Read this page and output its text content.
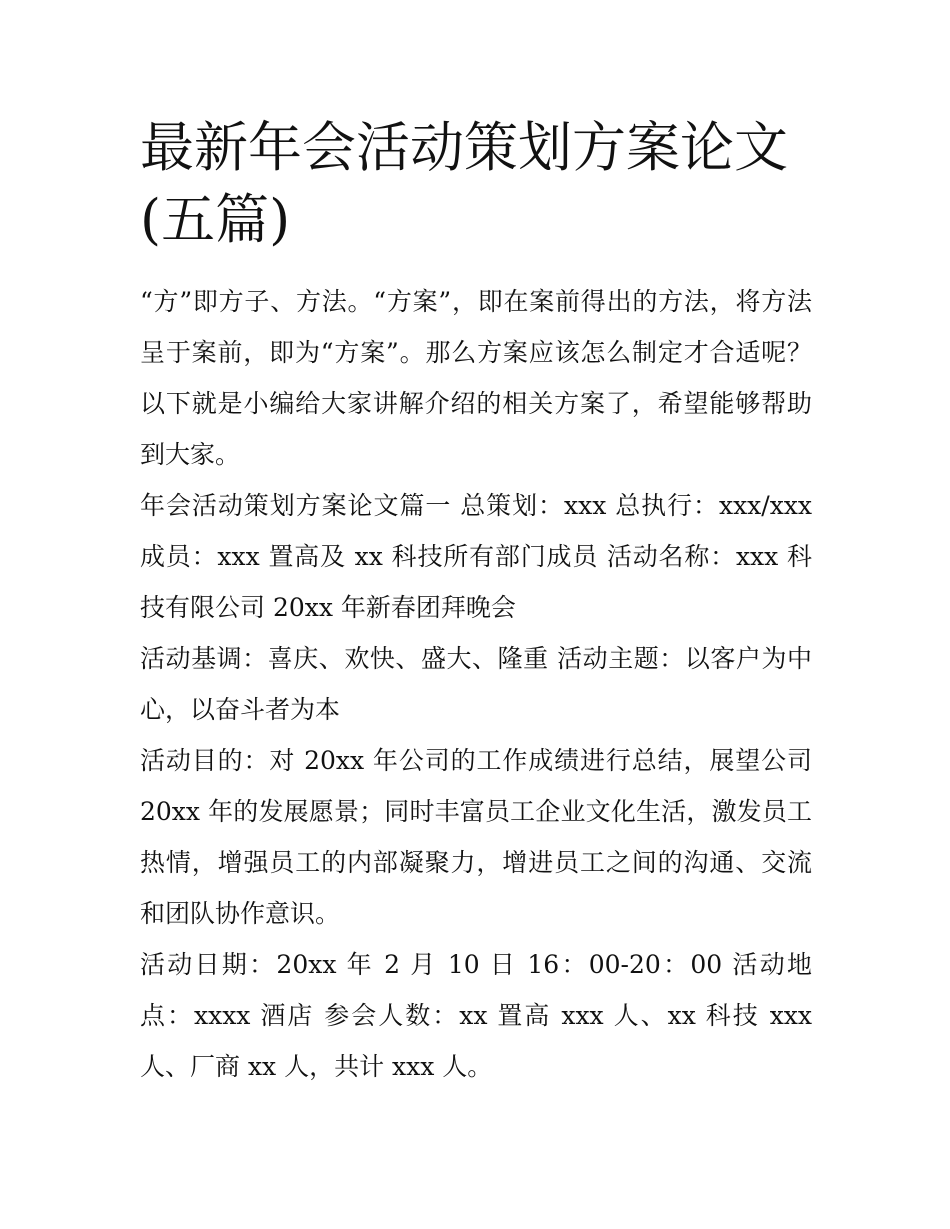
最新年会活动策划方案论文(五篇)

“方”即方子、方法。“方案”，即在案前得出的方法，将方法呈于案前，即为“方案”。那么方案应该怎么制定才合适呢？以下就是小编给大家讲解介绍的相关方案了，希望能够帮助到大家。

年会活动策划方案论文篇一 总策划：xxx 总执行：xxx/xxx 成员：xxx 置高及 xx 科技所有部门成员 活动名称：xxx 科技有限公司 20xx 年新春团拜晚会

活动基调：喜庆、欢快、盛大、隆重 活动主题：以客户为中心，以奋斗者为本

活动目的：对 20xx 年公司的工作成绩进行总结，展望公司 20xx 年的发展愿景；同时丰富员工企业文化生活，激发员工热情，增强员工的内部凝聚力，增进员工之间的沟通、交流和团队协作意识。

活动日期：20xx 年 2 月 10 日 16：00-20：00 活动地点：xxxx 酒店 参会人数：xx 置高 xxx 人、xx 科技 xxx 人、厂商 xx 人，共计 xxx 人。
